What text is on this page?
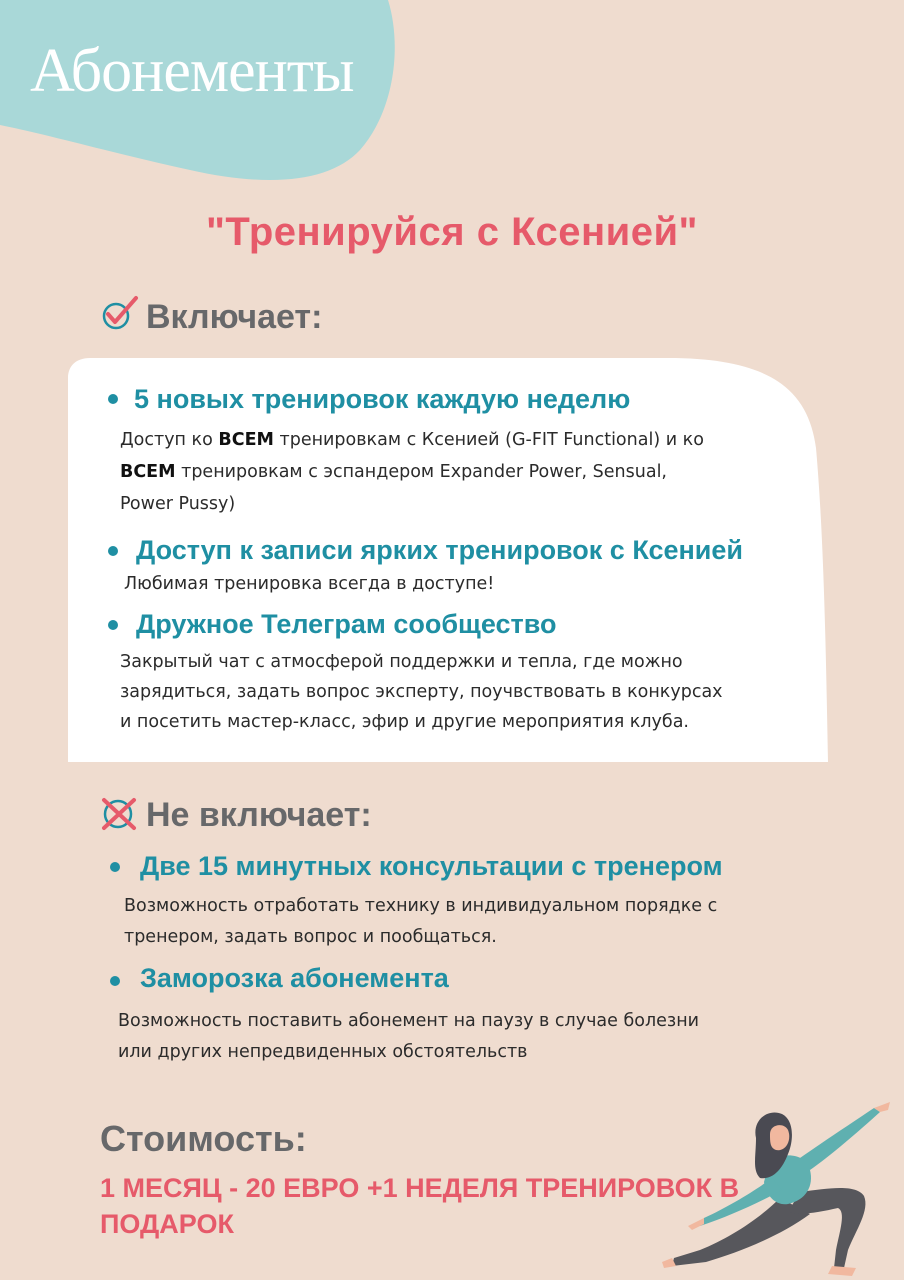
Абонементы
"Тренируйся с Ксенией"
Включает:
5 новых тренировок каждую неделю
Доступ ко ВСЕМ тренировкам с Ксенией (G-FIT Functional) и ко
ВСЕМ тренировкам с эспандером Expander Power, Sensual,
Power Pussy)
Доступ к записи ярких тренировок с Ксенией
Любимая тренировка всегда в доступе!
Дружное Телеграм сообщество
Закрытый чат с атмосферой поддержки и тепла, где можно
зарядиться, задать вопрос эксперту, поучвствовать в конкурсах
и посетить мастер-класс, эфир и другие мероприятия клуба.
Не включает:
Две 15 минутных консультации с тренером
Возможность отработать технику в индивидуальном порядке с
тренером, задать вопрос и пообщаться.
Заморозка абонемента
Возможность поставить абонемент на паузу в случае болезни
или других непредвиденных обстоятельств
Стоимость:
1 МЕСЯЦ - 20 ЕВРО +1 НЕДЕЛЯ ТРЕНИРОВОК В ПОДАРОК
